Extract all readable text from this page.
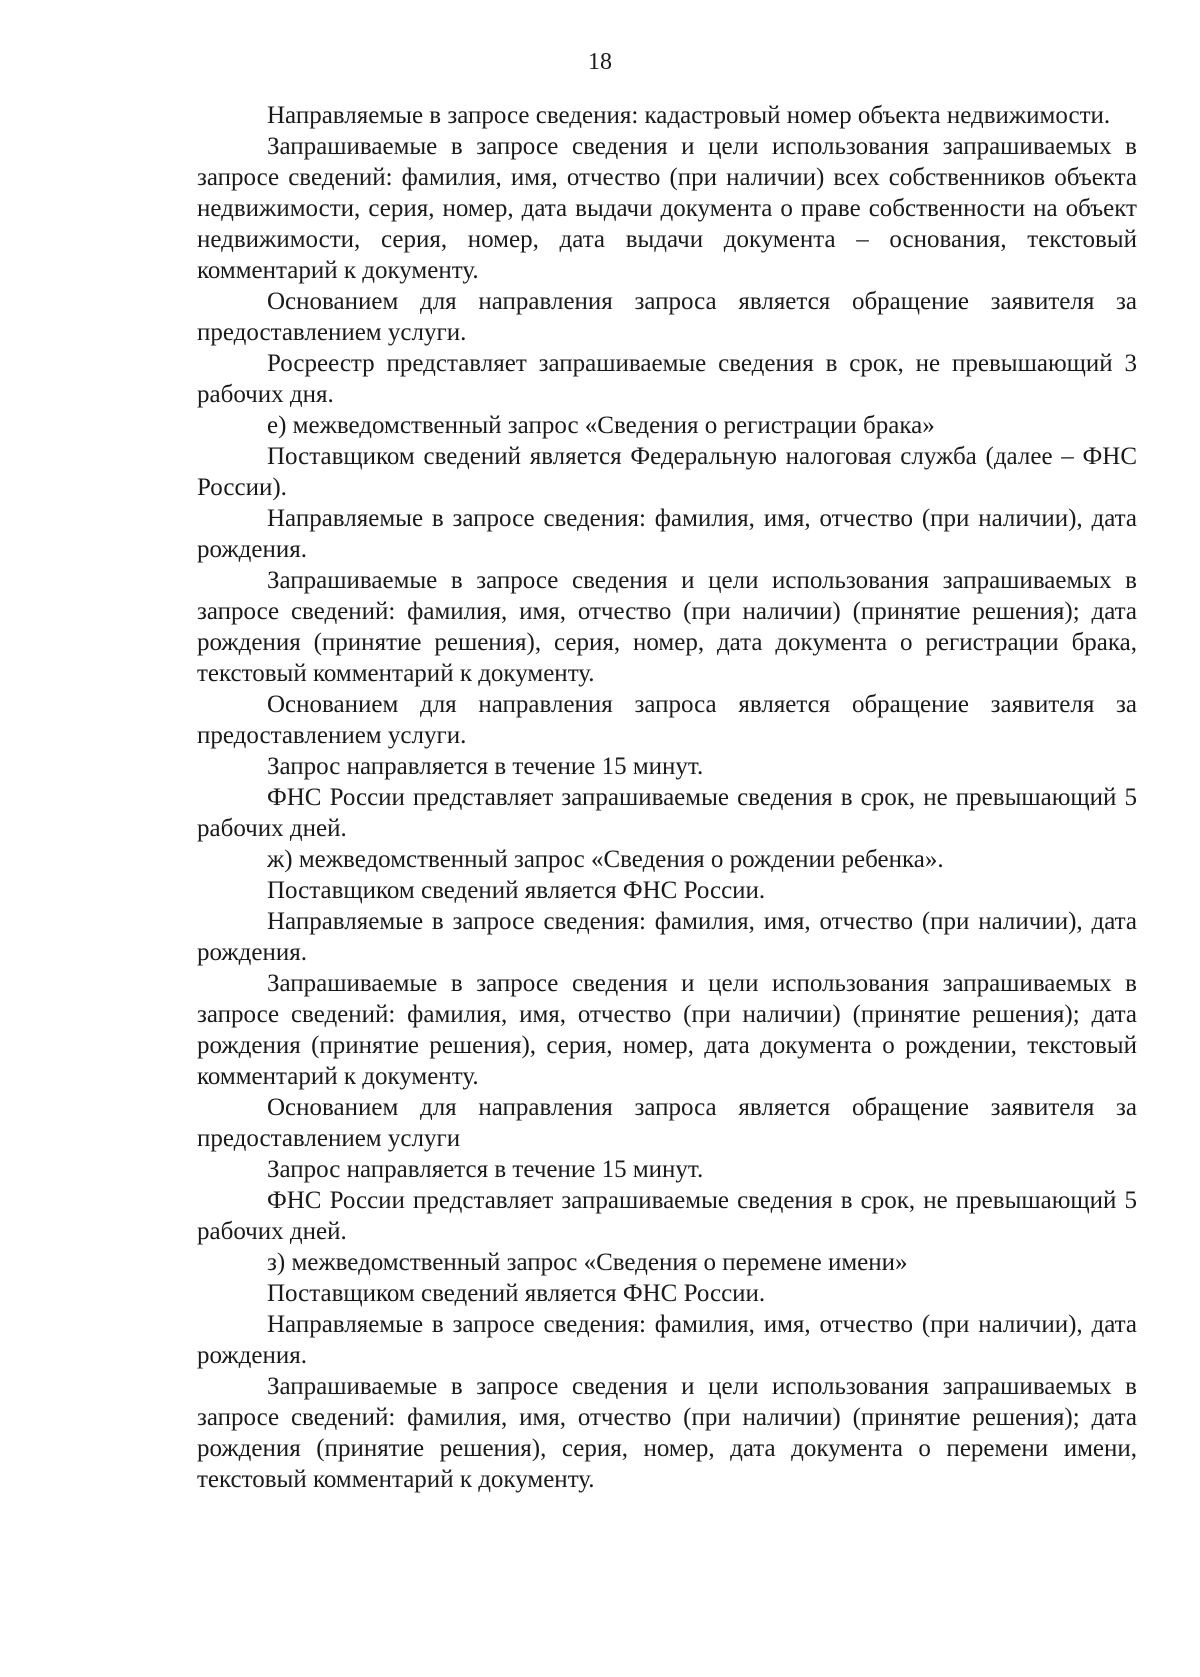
18

Направляемые в запросе сведения: кадастровый номер объекта недвижимости.

Запрашиваемые в запросе сведения и цели использования запрашиваемых в запросе сведений: фамилия, имя, отчество (при наличии) всех собственников объекта недвижимости, серия, номер, дата выдачи документа о праве собственности на объект недвижимости, серия, номер, дата выдачи документа – основания, текстовый комментарий к документу.

Основанием для направления запроса является обращение заявителя за предоставлением услуги.

Росреестр представляет запрашиваемые сведения в срок, не превышающий 3 рабочих дня.

е) межведомственный запрос «Сведения о регистрации брака»

Поставщиком сведений является Федеральную налоговая служба (далее – ФНС России).

Направляемые в запросе сведения: фамилия, имя, отчество (при наличии), дата рождения.

Запрашиваемые в запросе сведения и цели использования запрашиваемых в запросе сведений: фамилия, имя, отчество (при наличии) (принятие решения); дата рождения (принятие решения), серия, номер, дата документа о регистрации брака, текстовый комментарий к документу.

Основанием для направления запроса является обращение заявителя за предоставлением услуги.

Запрос направляется в течение 15 минут.

ФНС России представляет запрашиваемые сведения в срок, не превышающий 5 рабочих дней.

ж) межведомственный запрос «Сведения о рождении ребенка».

Поставщиком сведений является ФНС России.

Направляемые в запросе сведения: фамилия, имя, отчество (при наличии), дата рождения.

Запрашиваемые в запросе сведения и цели использования запрашиваемых в запросе сведений: фамилия, имя, отчество (при наличии) (принятие решения); дата рождения (принятие решения), серия, номер, дата документа о рождении, текстовый комментарий к документу.

Основанием для направления запроса является обращение заявителя за предоставлением услуги

Запрос направляется в течение 15 минут.

ФНС России представляет запрашиваемые сведения в срок, не превышающий 5 рабочих дней.

з) межведомственный запрос «Сведения о перемене имени»

Поставщиком сведений является ФНС России.

Направляемые в запросе сведения: фамилия, имя, отчество (при наличии), дата рождения.

Запрашиваемые в запросе сведения и цели использования запрашиваемых в запросе сведений: фамилия, имя, отчество (при наличии) (принятие решения); дата рождения (принятие решения), серия, номер, дата документа о перемени имени, текстовый комментарий к документу.
